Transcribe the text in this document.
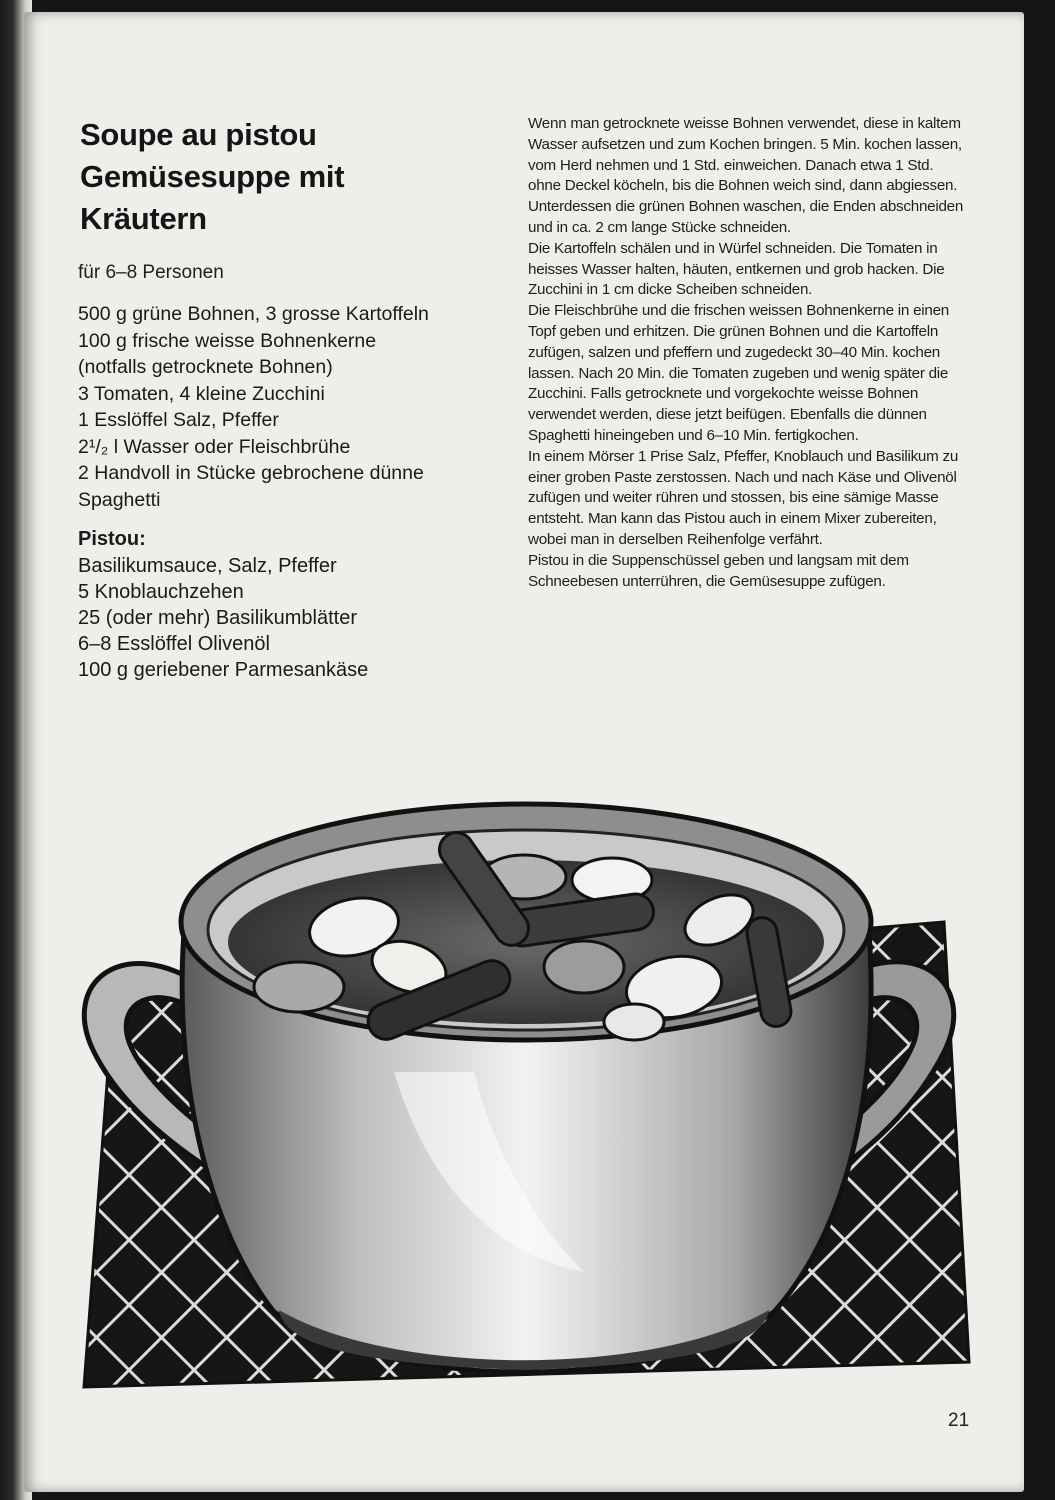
Soupe au pistou
Gemüsesuppe mit
Kräutern
für 6–8 Personen
500 g grüne Bohnen, 3 grosse Kartoffeln
100 g frische weisse Bohnenkerne
(notfalls getrocknete Bohnen)
3 Tomaten, 4 kleine Zucchini
1 Esslöffel Salz, Pfeffer
2¹/₂ l Wasser oder Fleischbrühe
2 Handvoll in Stücke gebrochene dünne
Spaghetti
Pistou:
Basilikumsauce, Salz, Pfeffer
5 Knoblauchzehen
25 (oder mehr) Basilikumblätter
6–8 Esslöffel Olivenöl
100 g geriebener Parmesankäse

Wenn man getrocknete weisse Bohnen verwendet, diese in kaltem Wasser aufsetzen und zum Kochen bringen. 5 Min. kochen lassen, vom Herd nehmen und 1 Std. einweichen. Danach etwa 1 Std. ohne Deckel köcheln, bis die Bohnen weich sind, dann abgiessen. Unterdessen die grünen Bohnen waschen, die Enden abschneiden und in ca. 2 cm lange Stücke schneiden.

Die Kartoffeln schälen und in Würfel schneiden. Die Tomaten in heisses Wasser halten, häuten, entkernen und grob hacken. Die Zucchini in 1 cm dicke Scheiben schneiden.

Die Fleischbrühe und die frischen weissen Bohnenkerne in einen Topf geben und erhitzen. Die grünen Bohnen und die Kartoffeln zufügen, salzen und pfeffern und zugedeckt 30–40 Min. kochen lassen. Nach 20 Min. die Tomaten zugeben und wenig später die Zucchini. Falls getrocknete und vorgekochte weisse Bohnen verwendet werden, diese jetzt beifügen. Ebenfalls die dünnen Spaghetti hineingeben und 6–10 Min. fertigkochen.

In einem Mörser 1 Prise Salz, Pfeffer, Knoblauch und Basilikum zu einer groben Paste zerstossen. Nach und nach Käse und Olivenöl zufügen und weiter rühren und stossen, bis eine sämige Masse entsteht. Man kann das Pistou auch in einem Mixer zubereiten, wobei man in derselben Reihenfolge verfährt.

Pistou in die Suppenschüssel geben und langsam mit dem Schneebesen unterrühren, die Gemüsesuppe zufügen.

21
